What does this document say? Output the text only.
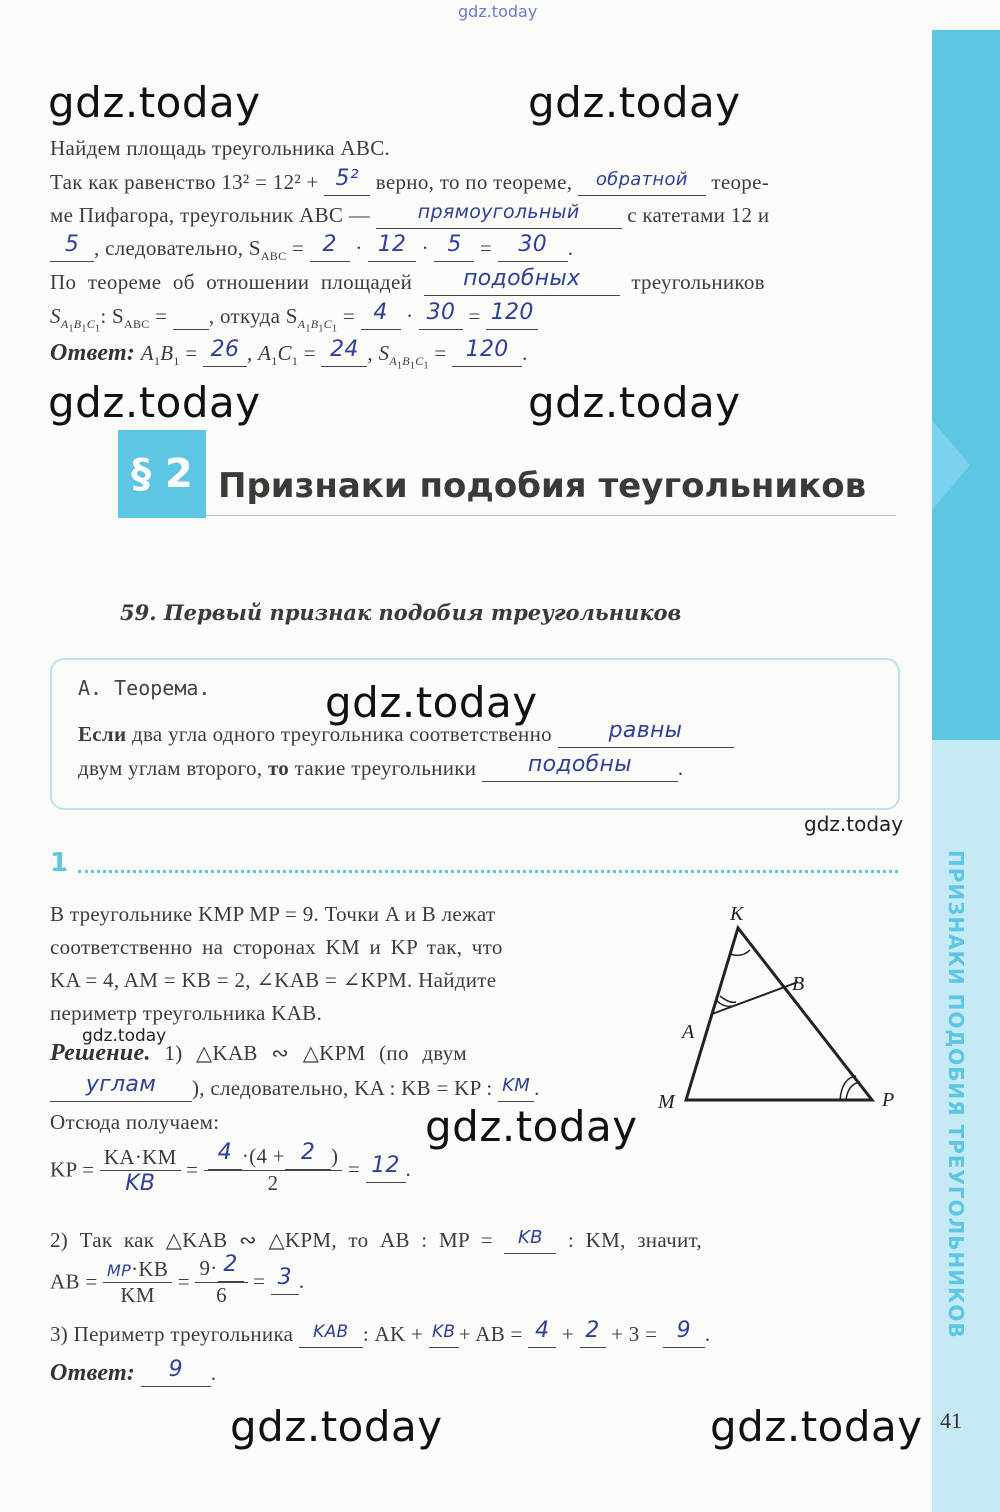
ПРИЗНАКИ ПОДОБИЯ ТРЕУГОЛЬНИКОВ
gdz.today
gdz.today	gdz.today
gdz.today	gdz.today
gdz.today
gdz.today
gdz.today
gdz.today
gdz.today	gdz.today
Найдем площадь треугольника ABC.
Так как равенство 13² = 12² + 5² верно, то по теореме, обратной теоре-
ме Пифагора, треугольник ABC —	прямоугольный с катетами 12 и
5 , следовательно, $S_{ABC} = 2 \cdot 12 \cdot 5 = 30$ .
По теореме об отношении площадей подобных треугольников
$S_{A_1B_1C_1}$: $S_{ABC}$ =  , откуда $S_{A_1B_1C_1} = 4 \cdot 30 = 120$
Ответ: $A_1B_1 = 26$ , $A_1C_1 = 24$ , $S_{A_1B_1C_1} = 120$ .
§ 2 Признаки подобия теугольников
59. Первый признак подобия треугольников
А. Теорема.
Если два угла одного треугольника соответственно	равны
двум углам второго, то такие треугольники подобны .
1
В треугольнике KMP MP = 9. Точки A и B лежат
соответственно на сторонах KM и KP так, что
KA = 4, AM = KB = 2, ∠KAB = ∠KPM. Найдите
периметр треугольника KAB.
K
B
A
M	P
Решение. 1) △KAB ∾ △KPM (по двум
углам ), следовательно, KA : KB = KP : KM .
Отсюда получаем:
KP = $\frac{KA\cdot KM}{KB} = \frac{4 \cdot(4 + 2 )}{2} = 12$ .
2) Так как △KAB ∾ △KPM, то AB : MP = KB : KM, значит,
AB = $\frac{MP\cdot KB}{KM} = \frac{9\cdot 2}{6} = 3$ .
3) Периметр треугольника KAB : AK + KB + AB = 4 + 2 + 3 = 9 .
Ответ: 9 .
41
